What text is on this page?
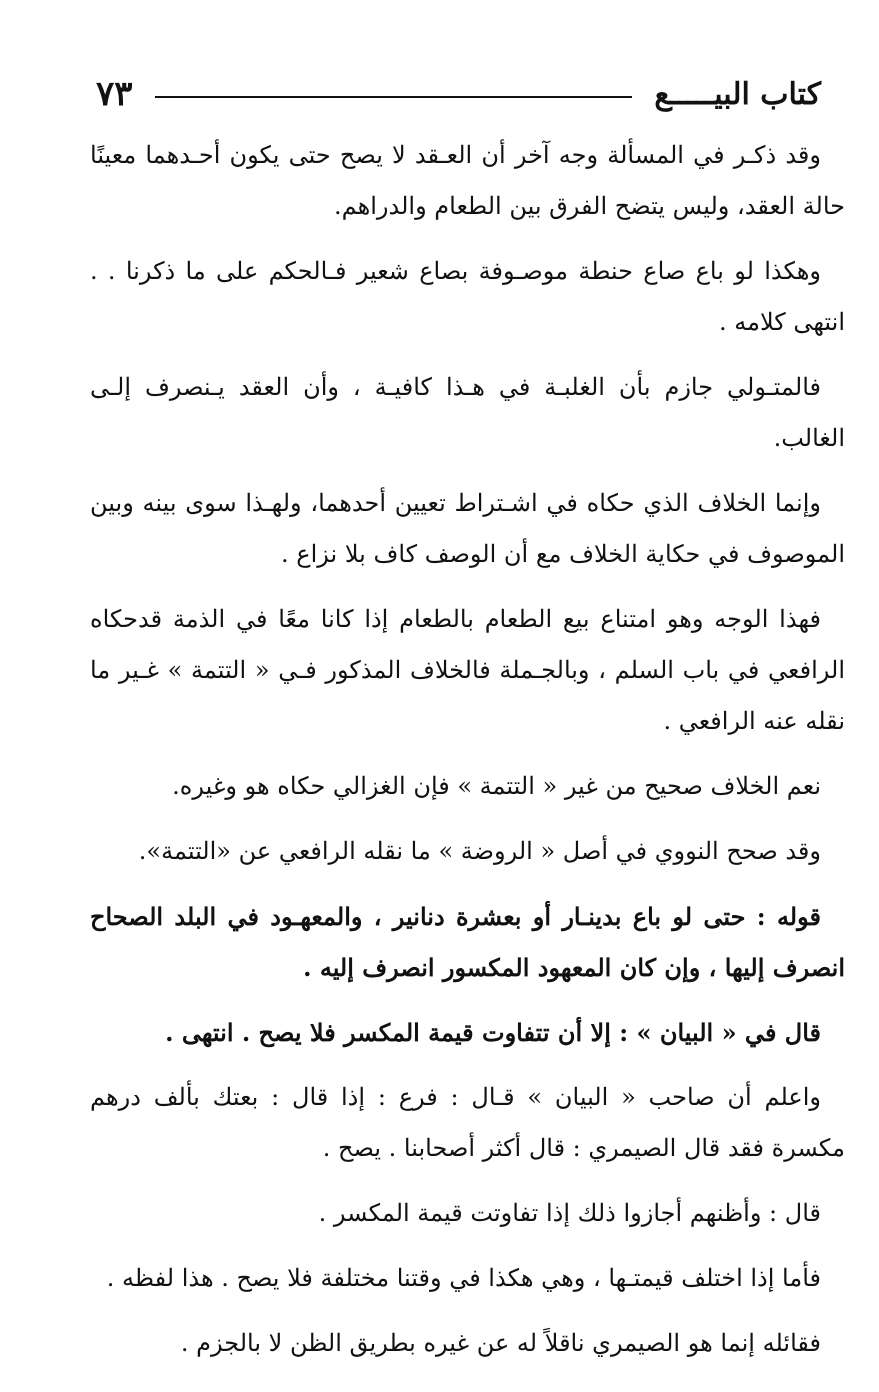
كتاب البيـــــع
٧٣

وقد ذكـر في المسألة وجه آخر أن العـقد لا يصح حتى يكون أحـدهما معينًا حالة العقد، وليس يتضح الفرق بين الطعام والدراهم.

وهكذا لو باع صاع حنطة موصـوفة بصاع شعير فـالحكم على ما ذكرنا . . انتهى كلامه .

فالمتـولي جازم بأن الغلبـة في هـذا كافيـة ، وأن العقد يـنصرف إلـى الغالب.

وإنما الخلاف الذي حكاه في اشـتراط تعيين أحدهما، ولهـذا سوى بينه وبين الموصوف في حكاية الخلاف مع أن الوصف كاف بلا نزاع .

فهذا الوجه وهو امتناع بيع الطعام بالطعام إذا كانا معًا في الذمة قدحكاه الرافعي في باب السلم ، وبالجـملة فالخلاف المذكور فـي « التتمة » غـير ما نقله عنه الرافعي .

نعم الخلاف صحيح من غير « التتمة » فإن الغزالي حكاه هو وغيره.

وقد صحح النووي في أصل « الروضة » ما نقله الرافعي عن «التتمة».

قوله : حتى لو باع بدينـار أو بعشرة دنانير ، والمعهـود في البلد الصحاح انصرف إليها ، وإن كان المعهود المكسور انصرف إليه .

قال في « البيان » : إلا أن تتفاوت قيمة المكسر فلا يصح . انتهى .

واعلم أن صاحب « البيان » قـال : فرع : إذا قال : بعتك بألف درهم مكسرة فقد قال الصيمري : قال أكثر أصحابنا . يصح .

قال : وأظنهم أجازوا ذلك إذا تفاوتت قيمة المكسر .

فأما إذا اختلف قيمتـها ، وهي هكذا في وقتنا مختلفة فلا يصح . هذا لفظه .

فقائله إنما هو الصيمري ناقلاً له عن غيره بطريق الظن لا بالجزم .
